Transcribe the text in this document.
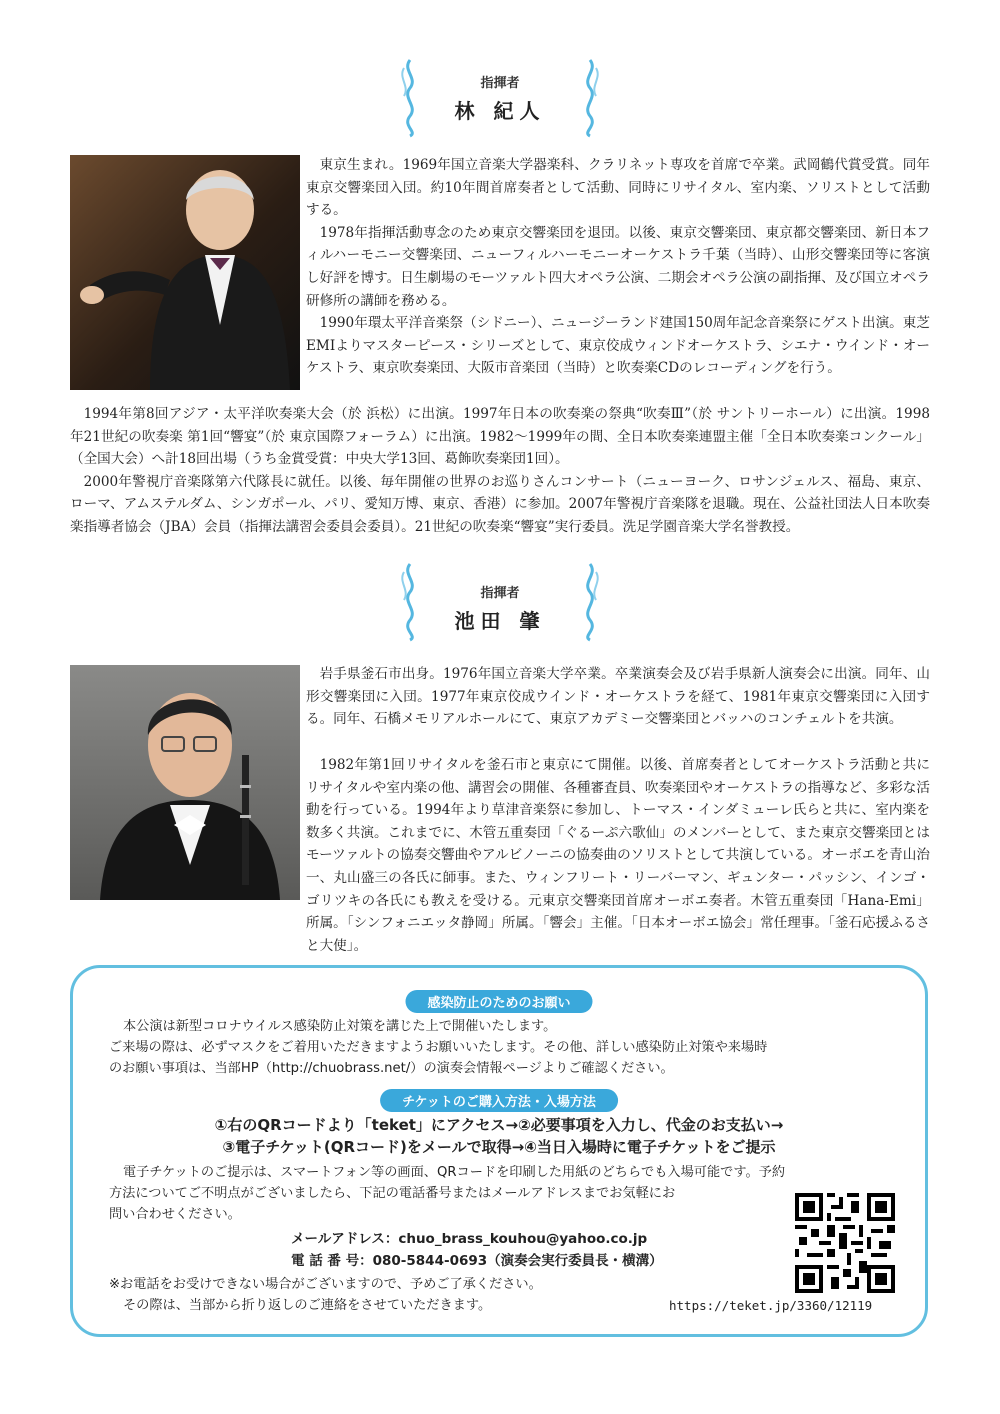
指揮者
林 紀人

東京生まれ。1969年国立音楽大学器楽科、クラリネット専攻を首席で卒業。武岡鶴代賞受賞。同年東京交響楽団入団。約10年間首席奏者として活動、同時にリサイタル、室内楽、ソリストとして活動する。

1978年指揮活動専念のため東京交響楽団を退団。以後、東京交響楽団、東京都交響楽団、新日本フィルハーモニー交響楽団、ニューフィルハーモニーオーケストラ千葉（当時）、山形交響楽団等に客演し好評を博す。日生劇場のモーツァルト四大オペラ公演、二期会オペラ公演の副指揮、及び国立オペラ研修所の講師を務める。

1990年環太平洋音楽祭（シドニー）、ニュージーランド建国150周年記念音楽祭にゲスト出演。東芝EMIよりマスターピース・シリーズとして、東京佼成ウィンドオーケストラ、シエナ・ウインド・オーケストラ、東京吹奏楽団、大阪市音楽団（当時）と吹奏楽CDのレコーディングを行う。

1994年第8回アジア・太平洋吹奏楽大会（於 浜松）に出演。1997年日本の吹奏楽の祭典“吹奏Ⅲ”（於 サントリーホール）に出演。1998年21世紀の吹奏楽 第1回“響宴”（於 東京国際フォーラム）に出演。1982～1999年の間、全日本吹奏楽連盟主催「全日本吹奏楽コンクール」（全国大会）へ計18回出場（うち金賞受賞：中央大学13回、葛飾吹奏楽団1回）。

2000年警視庁音楽隊第六代隊長に就任。以後、毎年開催の世界のお巡りさんコンサート（ニューヨーク、ロサンジェルス、福島、東京、ローマ、アムステルダム、シンガポール、パリ、愛知万博、東京、香港）に参加。2007年警視庁音楽隊を退職。現在、公益社団法人日本吹奏楽指導者協会（JBA）会員（指揮法講習会委員会委員）。21世紀の吹奏楽“響宴”実行委員。洗足学園音楽大学名誉教授。

指揮者
池田 肇

岩手県釜石市出身。1976年国立音楽大学卒業。卒業演奏会及び岩手県新人演奏会に出演。同年、山形交響楽団に入団。1977年東京佼成ウインド・オーケストラを経て、1981年東京交響楽団に入団する。同年、石橋メモリアルホールにて、東京アカデミー交響楽団とバッハのコンチェルトを共演。

1982年第1回リサイタルを釜石市と東京にて開催。以後、首席奏者としてオーケストラ活動と共にリサイタルや室内楽の他、講習会の開催、各種審査員、吹奏楽団やオーケストラの指導など、多彩な活動を行っている。1994年より草津音楽祭に参加し、トーマス・インダミューレ氏らと共に、室内楽を数多く共演。これまでに、木管五重奏団「ぐるーぷ六歌仙」のメンバーとして、また東京交響楽団とはモーツァルトの協奏交響曲やアルビノーニの協奏曲のソリストとして共演している。オーボエを青山治一、丸山盛三の各氏に師事。また、ウィンフリート・リーバーマン、ギュンター・パッシン、インゴ・ゴリツキの各氏にも教えを受ける。元東京交響楽団首席オーボエ奏者。木管五重奏団「Hana-Emi」所属。「シンフォニエッタ静岡」所属。「響会」主催。「日本オーボエ協会」常任理事。「釜石応援ふるさと大使」。

感染防止のためのお願い
本公演は新型コロナウイルス感染防止対策を講じた上で開催いたします。
ご来場の際は、必ずマスクをご着用いただきますようお願いいたします。その他、詳しい感染防止対策や来場時
のお願い事項は、当部HP（http://chuobrass.net/）の演奏会情報ページよりご確認ください。
チケットのご購入方法・入場方法
①右のQRコードより「teket」にアクセス→②必要事項を入力し、代金のお支払い→
③電子チケット(QRコード)をメールで取得→④当日入場時に電子チケットをご提示
電子チケットのご提示は、スマートフォン等の画面、QRコードを印刷した用紙のどちらでも入場可能です。予約
方法についてご不明点がございましたら、下記の電話番号またはメールアドレスまでお気軽にお
問い合わせください。
メールアドレス：chuo_brass_kouhou@yahoo.co.jp
電 話 番 号：080-5844-0693（演奏会実行委員長・横溝）
※お電話をお受けできない場合がございますので、予めご了承ください。
その際は、当部から折り返しのご連絡をさせていただきます。	https://teket.jp/3360/12119
